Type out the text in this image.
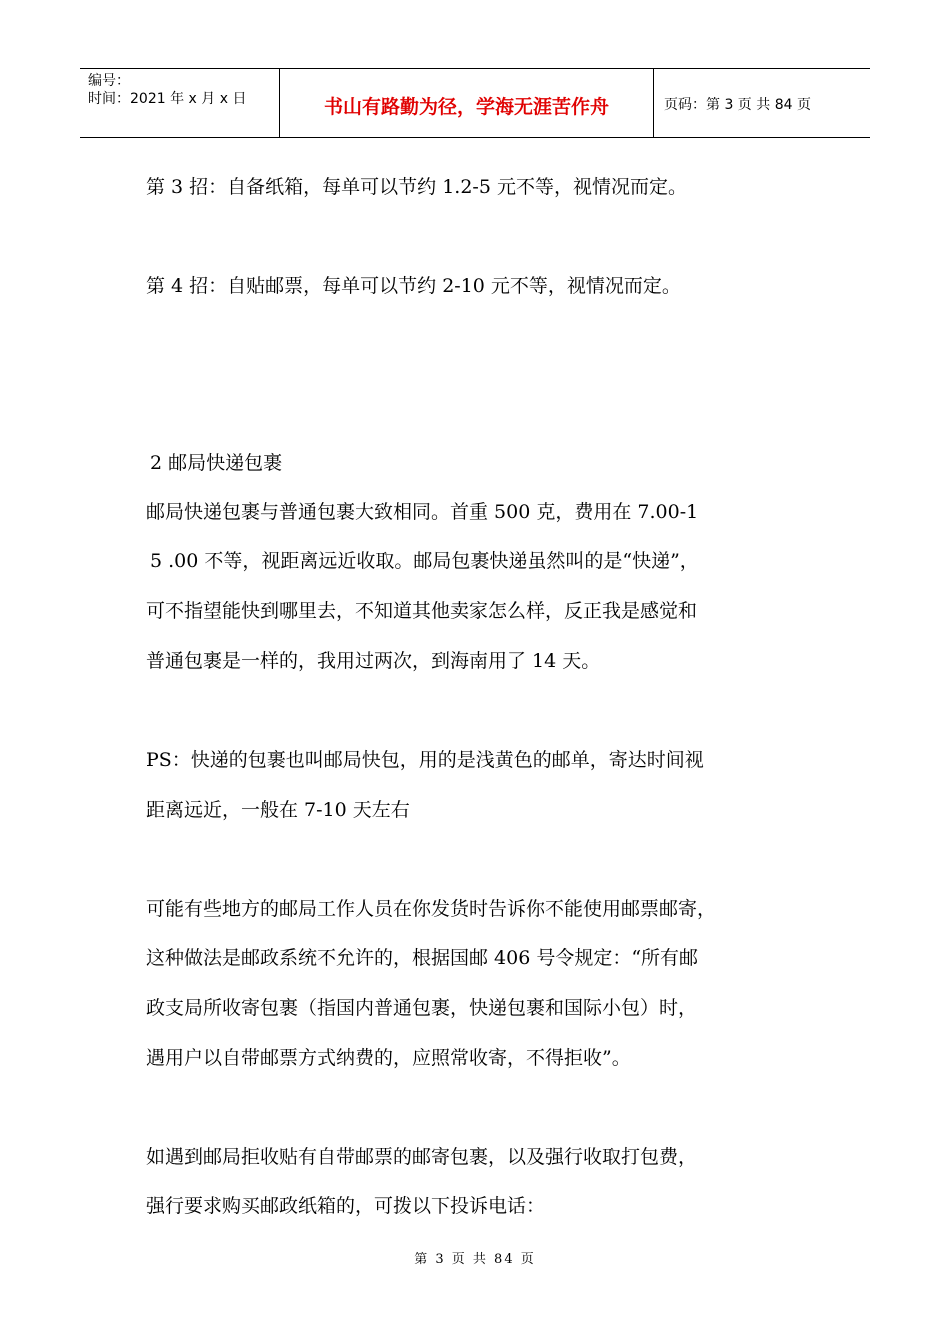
编号：
时间：2021 年 x 月 x 日	书山有路勤为径，学海无涯苦作舟	页码：第 3 页 共 84 页
第 3 招：自备纸箱，每单可以节约 1.2-5 元不等，视情况而定。
第 4 招：自贴邮票，每单可以节约 2-10 元不等，视情况而定。
2 邮局快递包裹
邮局快递包裹与普通包裹大致相同。首重 500 克，费用在 7.00-1
5 .00 不等，视距离远近收取。邮局包裹快递虽然叫的是“快递”，
可不指望能快到哪里去，不知道其他卖家怎么样，反正我是感觉和
普通包裹是一样的，我用过两次，到海南用了 14 天。
PS：快递的包裹也叫邮局快包，用的是浅黄色的邮单，寄达时间视
距离远近，一般在 7-10 天左右
可能有些地方的邮局工作人员在你发货时告诉你不能使用邮票邮寄，
这种做法是邮政系统不允许的，根据国邮 406 号令规定：“所有邮
政支局所收寄包裹（指国内普通包裹，快递包裹和国际小包）时，
遇用户以自带邮票方式纳费的，应照常收寄，不得拒收”。
如遇到邮局拒收贴有自带邮票的邮寄包裹，以及强行收取打包费，
强行要求购买邮政纸箱的，可拨以下投诉电话：
第 3 页 共 84 页
